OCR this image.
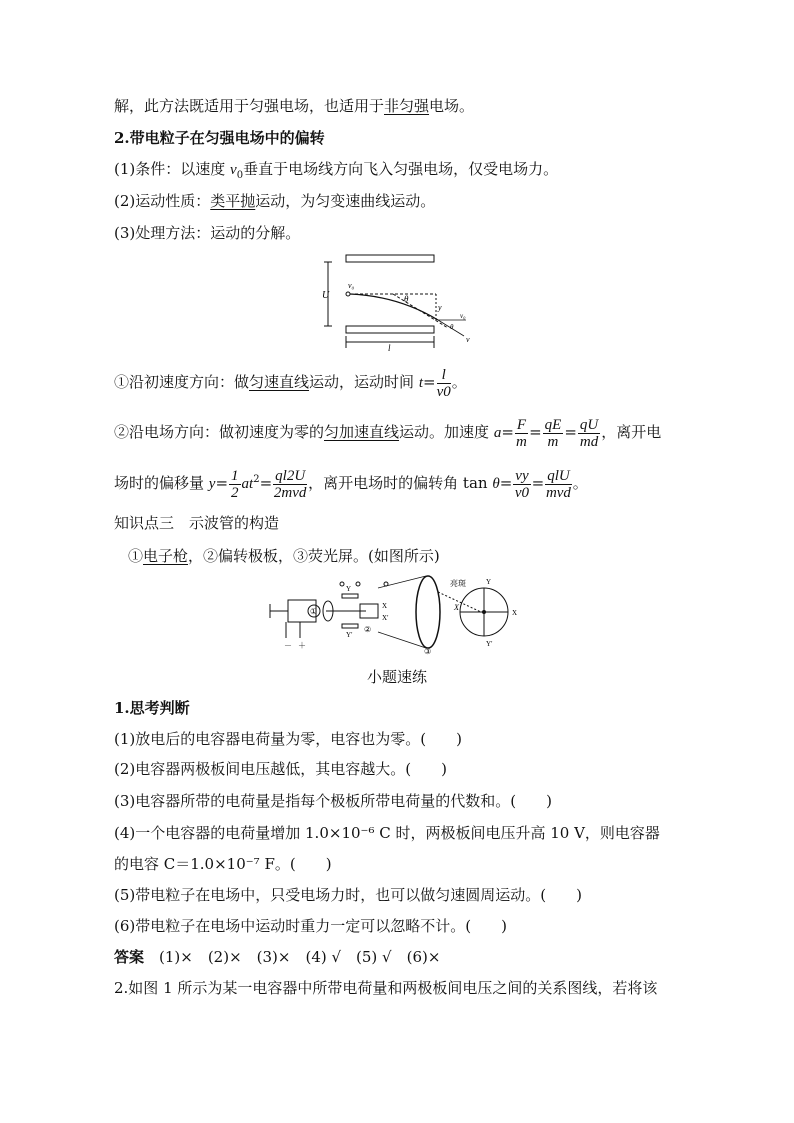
解，此方法既适用于匀强电场，也适用于非匀强电场。
2.带电粒子在匀强电场中的偏转
(1)条件：以速度 $v_0$垂直于电场线方向飞入匀强电场，仅受电场力。
(2)运动性质：类平抛运动，为匀变速曲线运动。
(3)处理方法：运动的分解。
U
v₀
θ
y
v₀
θ
v
l
①沿初速度方向：做匀速直线运动，运动时间 $t= \frac{l}{v0}$ 。
②沿电场方向：做初速度为零的匀加速直线运动。加速度 $a= \frac{F}{m} = \frac{qE}{m} = \frac{qU}{md}$ ，离开电
场时的偏移量 $y= \frac{1}{2} at^2= \frac{ql2U}{\text{2mvd}}$ ，离开电场时的偏转角 $\tan \theta= \frac{vy}{v0} = \frac{\text{qlU}}{\text{mvd}}$ 。
知识点三　示波管的构造
①电子枪，②偏转极板，③荧光屏。(如图所示)
①
Y
Y′
②
X
X′
－ ＋
③
亮斑
X
Y
X
Y′
小题速练
1.思考判断
(1)放电后的电容器电荷量为零，电容也为零。(　　)
(2)电容器两极板间电压越低，其电容越大。(　　)
(3)电容器所带的电荷量是指每个极板所带电荷量的代数和。(　　)
(4)一个电容器的电荷量增加 1.0×10⁻⁶ C 时，两极板间电压升高 10 V，则电容器
的电容 C＝1.0×10⁻⁷ F。(　　)
(5)带电粒子在电场中，只受电场力时，也可以做匀速圆周运动。(　　)
(6)带电粒子在电场中运动时重力一定可以忽略不计。(　　)
答案　(1)×　(2)×　(3)×　(4) √　(5) √　(6)×
2.如图 1 所示为某一电容器中所带电荷量和两极板间电压之间的关系图线，若将该
